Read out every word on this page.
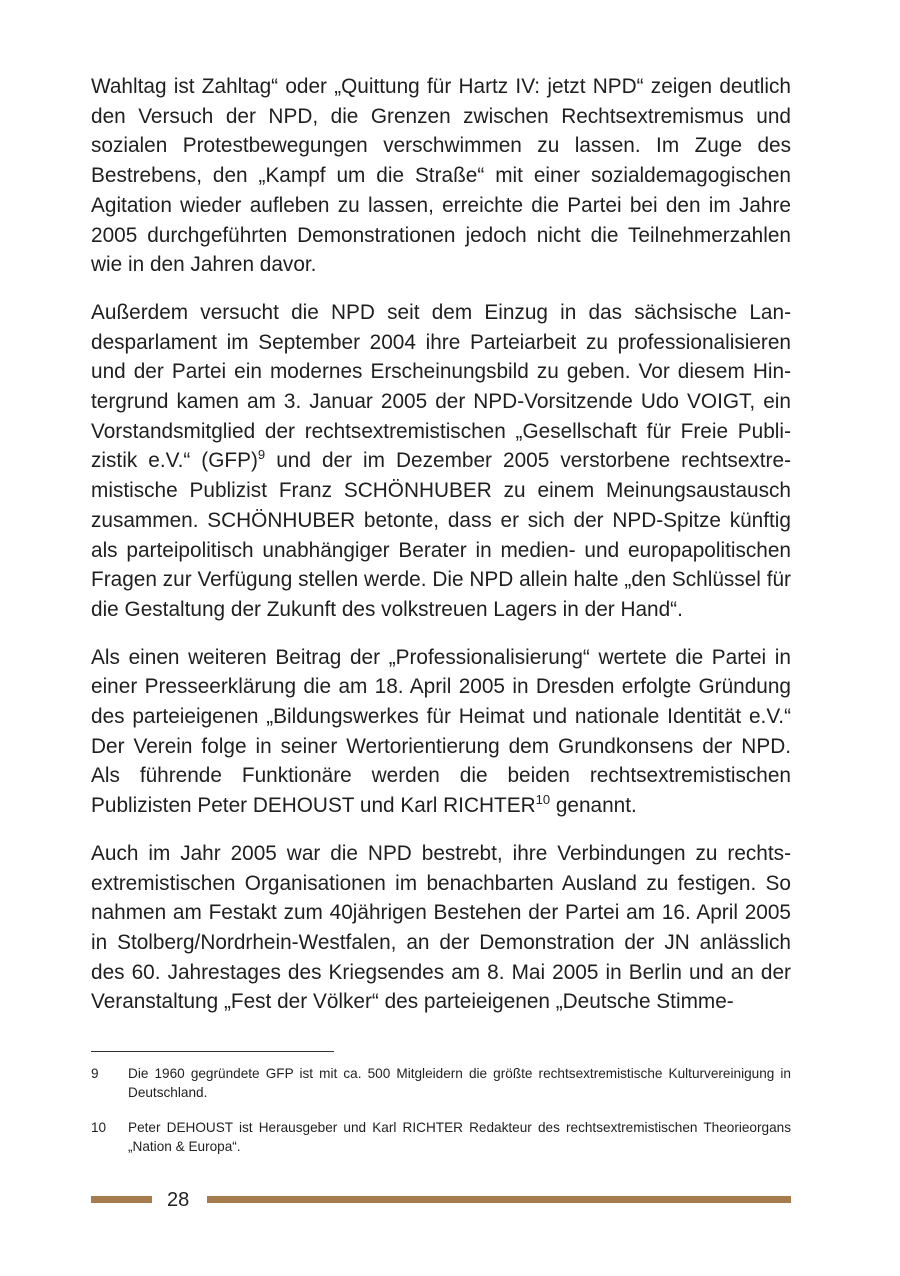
Wahltag ist Zahltag“ oder „Quittung für Hartz IV: jetzt NPD“ zeigen deutlich den Versuch der NPD, die Grenzen zwischen Rechtsextremismus und sozialen Protestbewegungen verschwimmen zu lassen. Im Zuge des Bestrebens, den „Kampf um die Straße“ mit einer sozialdemagogischen Agitation wieder aufleben zu lassen, erreichte die Partei bei den im Jahre 2005 durchgeführten Demonstrationen jedoch nicht die Teilnehmerzahlen wie in den Jahren davor.

Außerdem versucht die NPD seit dem Einzug in das sächsische Landesparlament im September 2004 ihre Parteiarbeit zu professionalisieren und der Partei ein modernes Erscheinungsbild zu geben. Vor diesem Hintergrund kamen am 3. Januar 2005 der NPD-Vorsitzende Udo VOIGT, ein Vorstandsmitglied der rechtsextremistischen „Gesellschaft für Freie Publizistik e.V.“ (GFP)$^9$ und der im Dezember 2005 verstorbene rechtsextremistische Publizist Franz SCHÖNHUBER zu einem Meinungsaustausch zusammen. SCHÖNHUBER betonte, dass er sich der NPD-Spitze künftig als parteipolitisch unabhängiger Berater in medien- und europapolitischen Fragen zur Verfügung stellen werde. Die NPD allein halte „den Schlüssel für die Gestaltung der Zukunft des volkstreuen Lagers in der Hand“.

Als einen weiteren Beitrag der „Professionalisierung“ wertete die Partei in einer Presseerklärung die am 18. April 2005 in Dresden erfolgte Gründung des parteieigenen „Bildungswerkes für Heimat und nationale Identität e.V.“ Der Verein folge in seiner Wertorientierung dem Grundkonsens der NPD. Als führende Funktionäre werden die beiden rechtsextremistischen Publizisten Peter DEHOUST und Karl RICHTER$^{10}$ genannt.

Auch im Jahr 2005 war die NPD bestrebt, ihre Verbindungen zu rechtsextremistischen Organisationen im benachbarten Ausland zu festigen. So nahmen am Festakt zum 40jährigen Bestehen der Partei am 16. April 2005 in Stolberg/Nordrhein-Westfalen, an der Demonstration der JN anlässlich des 60. Jahrestages des Kriegsendes am 8. Mai 2005 in Berlin und an der Veranstaltung „Fest der Völker“ des parteieigenen „Deutsche Stimme-

9	Die 1960 gegründete GFP ist mit ca. 500 Mitgleidern die größte rechtsextremistische Kulturvereinigung in Deutschland.
10	Peter DEHOUST ist Herausgeber und Karl RICHTER Redakteur des rechtsextremistischen Theorieorgans „Nation & Europa“.
28
